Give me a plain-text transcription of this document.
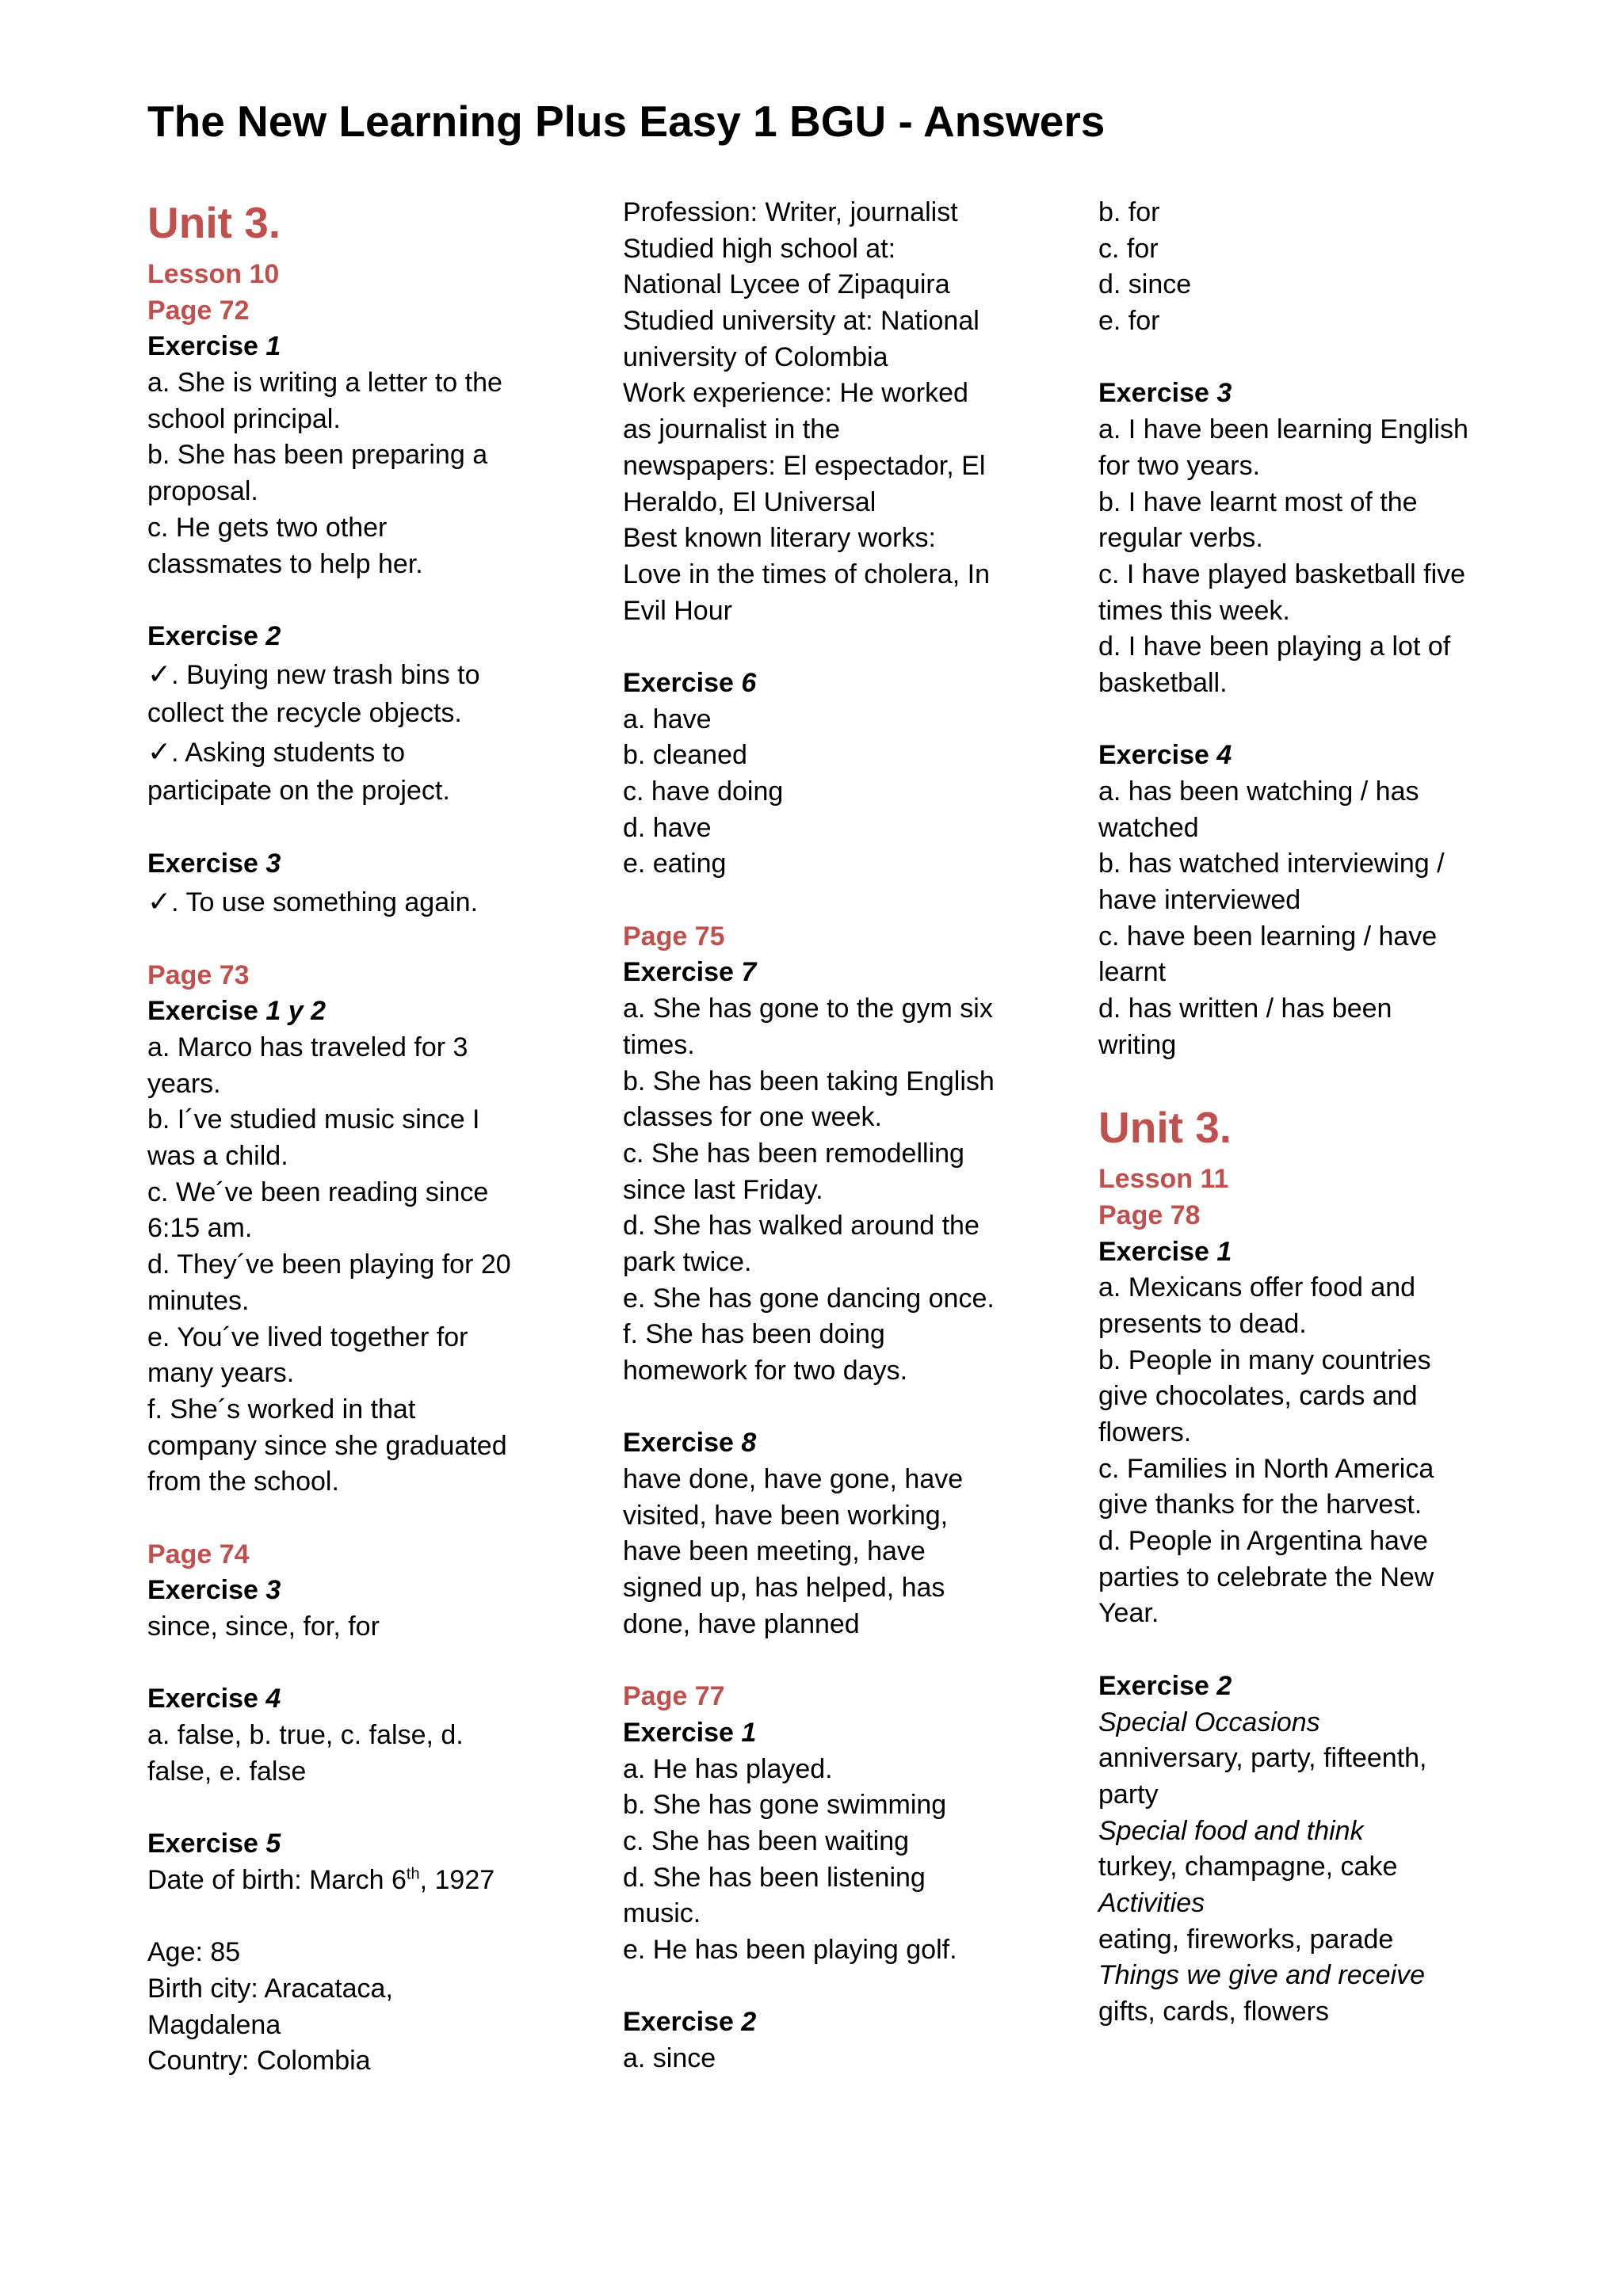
The New Learning Plus Easy 1 BGU - Answers
Unit 3.
Lesson 10
Page 72
Exercise 1
a. She is writing a letter to the
school principal.
b. She has been preparing a
proposal.
c. He gets two other
classmates to help her.
Exercise 2
✓. Buying new trash bins to
collect the recycle objects.
✓. Asking students to
participate on the project.
Exercise 3
✓. To use something again.
Page 73
Exercise 1 y 2
a. Marco has traveled for 3
years.
b. I´ve studied music since I
was a child.
c. We´ve been reading since
6:15 am.
d. They´ve been playing for 20
minutes.
e. You´ve lived together for
many years.
f. She´s worked in that
company since she graduated
from the school.
Page 74
Exercise 3
since, since, for, for
Exercise 4
a. false, b. true, c. false, d.
false, e. false
Exercise 5
Date of birth: March 6th, 1927
Age: 85
Birth city: Aracataca,
Magdalena
Country: Colombia
Profession: Writer, journalist
Studied high school at:
National Lycee of Zipaquira
Studied university at: National
university of Colombia
Work experience: He worked
as journalist in the
newspapers: El espectador, El
Heraldo, El Universal
Best known literary works:
Love in the times of cholera, In
Evil Hour
Exercise 6
a. have
b. cleaned
c. have doing
d. have
e. eating
Page 75
Exercise 7
a. She has gone to the gym six
times.
b. She has been taking English
classes for one week.
c. She has been remodelling
since last Friday.
d. She has walked around the
park twice.
e. She has gone dancing once.
f. She has been doing
homework for two days.
Exercise 8
have done, have gone, have
visited, have been working,
have been meeting, have
signed up, has helped, has
done, have planned
Page 77
Exercise 1
a. He has played.
b. She has gone swimming
c. She has been waiting
d. She has been listening
music.
e. He has been playing golf.
Exercise 2
a. since
b. for
c. for
d. since
e. for
Exercise 3
a. I have been learning English
for two years.
b. I have learnt most of the
regular verbs.
c. I have played basketball five
times this week.
d. I have been playing a lot of
basketball.
Exercise 4
a. has been watching / has
watched
b. has watched interviewing /
have interviewed
c. have been learning / have
learnt
d. has written / has been
writing
Unit 3.
Lesson 11
Page 78
Exercise 1
a. Mexicans offer food and
presents to dead.
b. People in many countries
give chocolates, cards and
flowers.
c. Families in North America
give thanks for the harvest.
d. People in Argentina have
parties to celebrate the New
Year.
Exercise 2
Special Occasions
anniversary, party, fifteenth,
party
Special food and think
turkey, champagne, cake
Activities
eating, fireworks, parade
Things we give and receive
gifts, cards, flowers
